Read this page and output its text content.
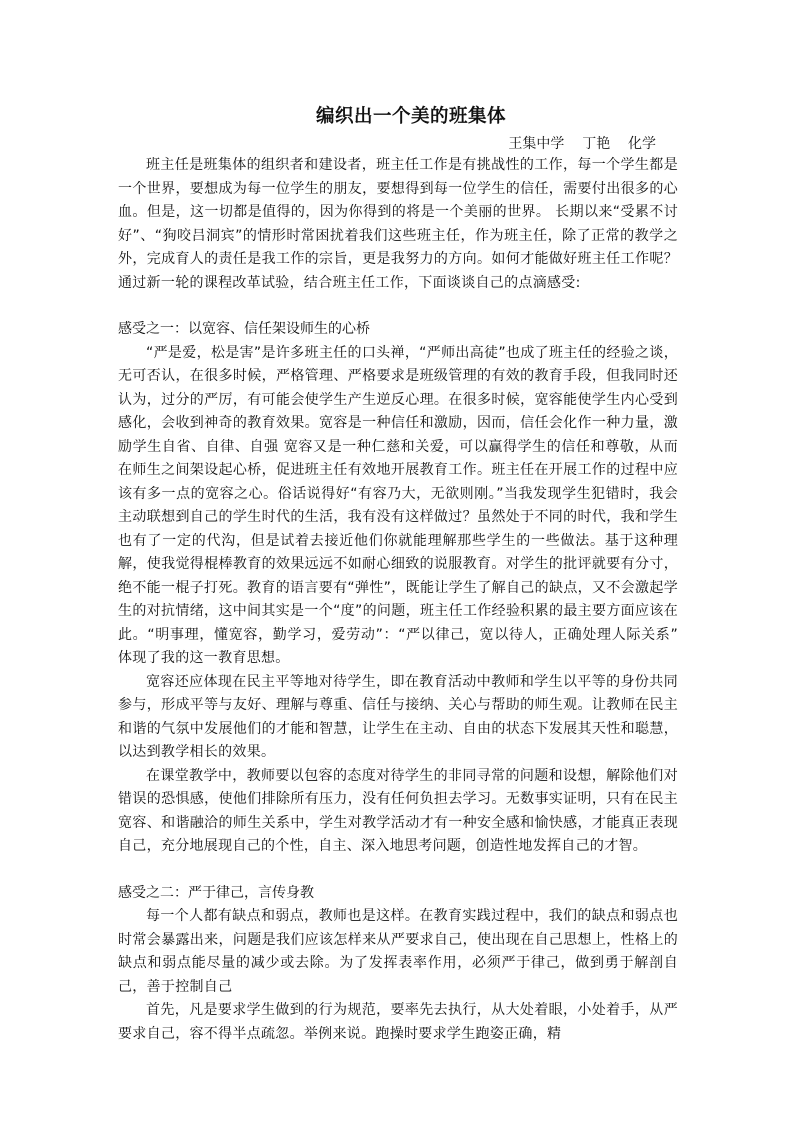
编织出一个美的班集体
王集中学    丁艳    化学

班主任是班集体的组织者和建设者，班主任工作是有挑战性的工作，每一个学生都是一个世界，要想成为每一位学生的朋友，要想得到每一位学生的信任，需要付出很多的心血。但是，这一切都是值得的，因为你得到的将是一个美丽的世界。 长期以来“受累不讨好”、“狗咬吕洞宾”的情形时常困扰着我们这些班主任，作为班主任，除了正常的教学之外，完成育人的责任是我工作的宗旨，更是我努力的方向。如何才能做好班主任工作呢？通过新一轮的课程改革试验，结合班主任工作，下面谈谈自己的点滴感受:

感受之一：以宽容、信任架设师生的心桥

“严是爱，松是害”是许多班主任的口头禅，“严师出高徒”也成了班主任的经验之谈，无可否认，在很多时候，严格管理、严格要求是班级管理的有效的教育手段，但我同时还认为，过分的严厉，有可能会使学生产生逆反心理。在很多时候，宽容能使学生内心受到感化，会收到神奇的教育效果。宽容是一种信任和激励，因而，信任会化作一种力量，激励学生自省、自律、自强 宽容又是一种仁慈和关爱，可以赢得学生的信任和尊敬，从而在师生之间架设起心桥，促进班主任有效地开展教育工作。班主任在开展工作的过程中应该有多一点的宽容之心。俗话说得好“有容乃大，无欲则刚。”当我发现学生犯错时，我会主动联想到自己的学生时代的生活，我有没有这样做过？虽然处于不同的时代，我和学生也有了一定的代沟，但是试着去接近他们你就能理解那些学生的一些做法。基于这种理解，使我觉得棍棒教育的效果远远不如耐心细致的说服教育。对学生的批评就要有分寸，绝不能一棍子打死。教育的语言要有“弹性”，既能让学生了解自己的缺点，又不会激起学生的对抗情绪，这中间其实是一个“度”的问题，班主任工作经验积累的最主要方面应该在此。“明事理，懂宽容，勤学习，爱劳动”：“严以律己，宽以待人，正确处理人际关系” 体现了我的这一教育思想。

宽容还应体现在民主平等地对待学生，即在教育活动中教师和学生以平等的身份共同参与，形成平等与友好、理解与尊重、信任与接纳、关心与帮助的师生观。让教师在民主和谐的气氛中发展他们的才能和智慧，让学生在主动、自由的状态下发展其天性和聪慧，以达到教学相长的效果。

在课堂教学中，教师要以包容的态度对待学生的非同寻常的问题和设想，解除他们对错误的恐惧感，使他们排除所有压力，没有任何负担去学习。无数事实证明，只有在民主宽容、和谐融洽的师生关系中，学生对教学活动才有一种安全感和愉快感，才能真正表现自己，充分地展现自己的个性，自主、深入地思考问题，创造性地发挥自己的才智。

感受之二：严于律己，言传身教

每一个人都有缺点和弱点，教师也是这样。在教育实践过程中，我们的缺点和弱点也时常会暴露出来，问题是我们应该怎样来从严要求自己，使出现在自己思想上，性格上的缺点和弱点能尽量的减少或去除。为了发挥表率作用，必须严于律己，做到勇于解剖自己，善于控制自己

首先，凡是要求学生做到的行为规范，要率先去执行，从大处着眼，小处着手，从严要求自己，容不得半点疏忽。举例来说。跑操时要求学生跑姿正确，精
